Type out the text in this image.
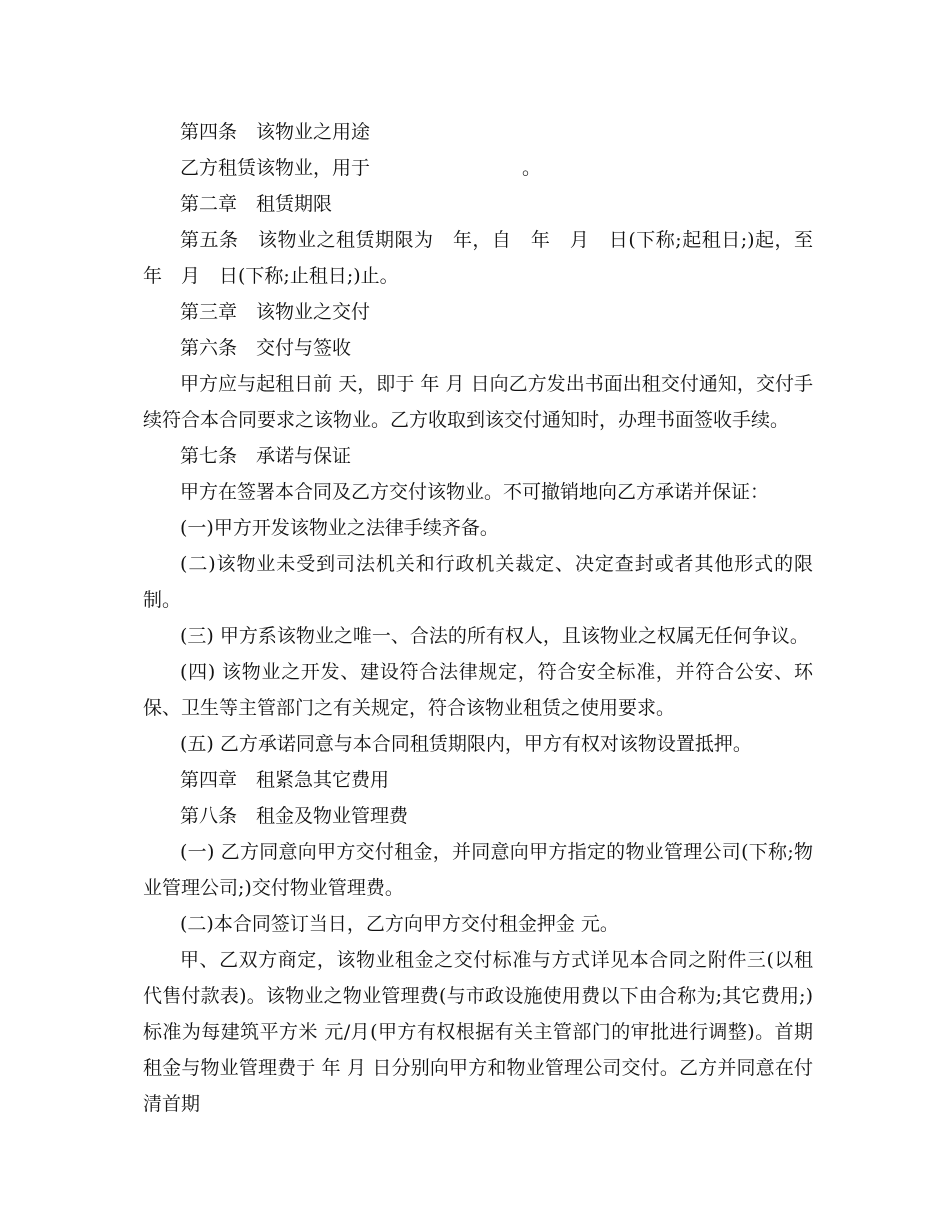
第四条　该物业之用途

乙方租赁该物业，用于　　　　　　　　。

第二章　租赁期限

第五条　该物业之租赁期限为　年，自　年　月　日(下称;起租日;)起，至　年　月　日(下称;止租日;)止。

第三章　该物业之交付

第六条　交付与签收

甲方应与起租日前 天，即于 年 月 日向乙方发出书面出租交付通知，交付手续符合本合同要求之该物业。乙方收取到该交付通知时，办理书面签收手续。

第七条　承诺与保证

甲方在签署本合同及乙方交付该物业。不可撤销地向乙方承诺并保证：

(一)甲方开发该物业之法律手续齐备。

(二)该物业未受到司法机关和行政机关裁定、决定查封或者其他形式的限制。

(三) 甲方系该物业之唯一、合法的所有权人，且该物业之权属无任何争议。

(四) 该物业之开发、建设符合法律规定，符合安全标准，并符合公安、环保、卫生等主管部门之有关规定，符合该物业租赁之使用要求。

(五) 乙方承诺同意与本合同租赁期限内，甲方有权对该物设置抵押。

第四章　租紧急其它费用

第八条　租金及物业管理费

(一) 乙方同意向甲方交付租金，并同意向甲方指定的物业管理公司(下称;物业管理公司;)交付物业管理费。

(二)本合同签订当日，乙方向甲方交付租金押金 元。

甲、乙双方商定，该物业租金之交付标准与方式详见本合同之附件三(以租代售付款表)。该物业之物业管理费(与市政设施使用费以下由合称为;其它费用;)标准为每建筑平方米 元/月(甲方有权根据有关主管部门的审批进行调整)。首期租金与物业管理费于 年 月 日分别向甲方和物业管理公司交付。乙方并同意在付清首期
